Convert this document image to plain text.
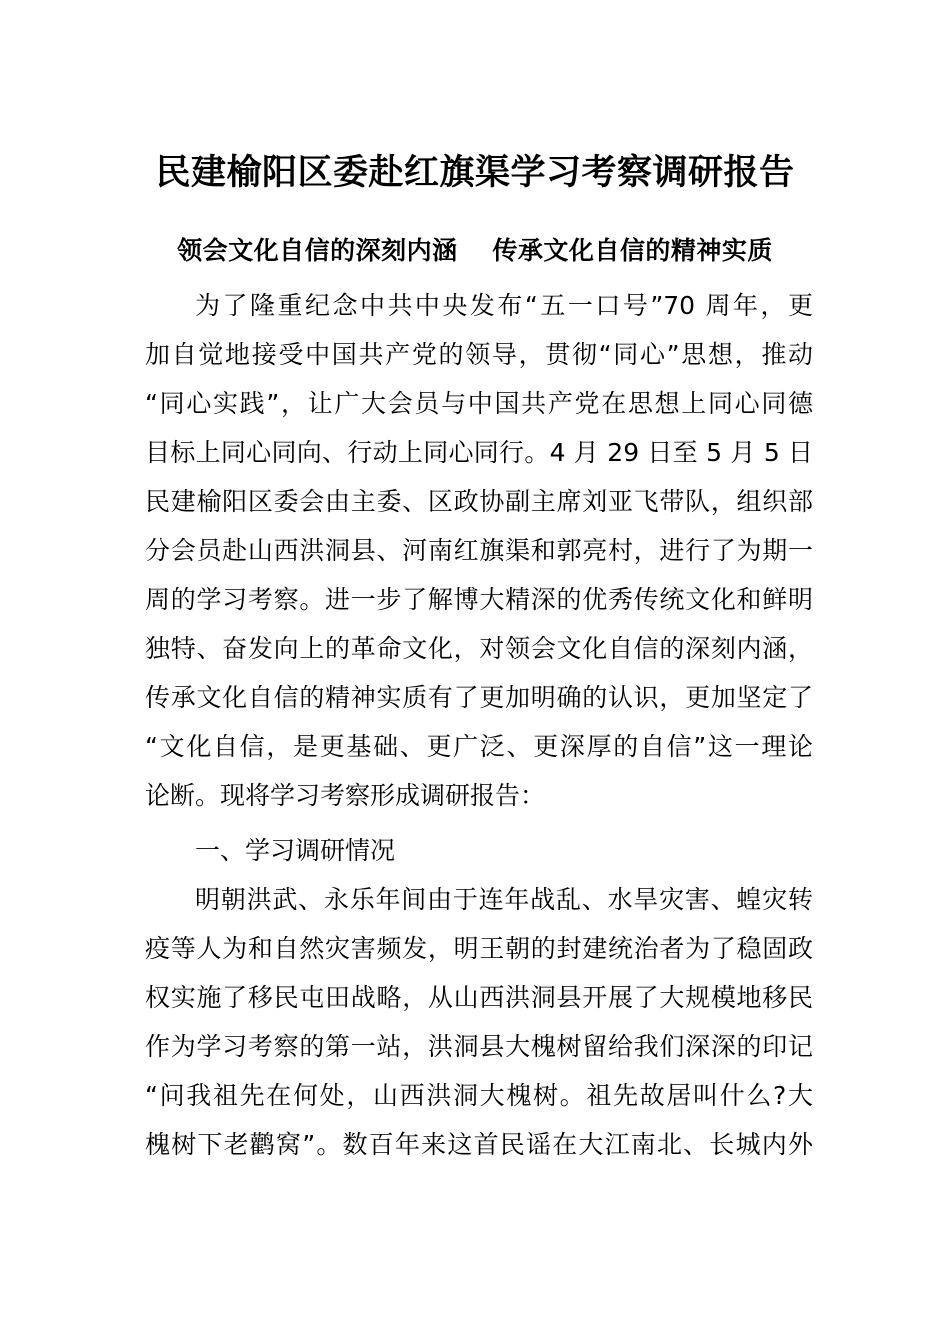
民建榆阳区委赴红旗渠学习考察调研报告
领会文化自信的深刻内涵　 传承文化自信的精神实质
为了隆重纪念中共中央发布“五一口号”70 周年，更
加自觉地接受中国共产党的领导，贯彻“同心”思想，推动
“同心实践”，让广大会员与中国共产党在思想上同心同德
目标上同心同向、行动上同心同行。4 月 29 日至 5 月 5 日
民建榆阳区委会由主委、区政协副主席刘亚飞带队，组织部
分会员赴山西洪洞县、河南红旗渠和郭亮村，进行了为期一
周的学习考察。进一步了解博大精深的优秀传统文化和鲜明
独特、奋发向上的革命文化，对领会文化自信的深刻内涵，
传承文化自信的精神实质有了更加明确的认识，更加坚定了
“文化自信，是更基础、更广泛、更深厚的自信”这一理论
论断。现将学习考察形成调研报告：
一、学习调研情况
明朝洪武、永乐年间由于连年战乱、水旱灾害、蝗灾转
疫等人为和自然灾害频发，明王朝的封建统治者为了稳固政
权实施了移民屯田战略，从山西洪洞县开展了大规模地移民
作为学习考察的第一站，洪洞县大槐树留给我们深深的印记
“问我祖先在何处，山西洪洞大槐树。祖先故居叫什么?大
槐树下老鹳窝”。数百年来这首民谣在大江南北、长城内外
